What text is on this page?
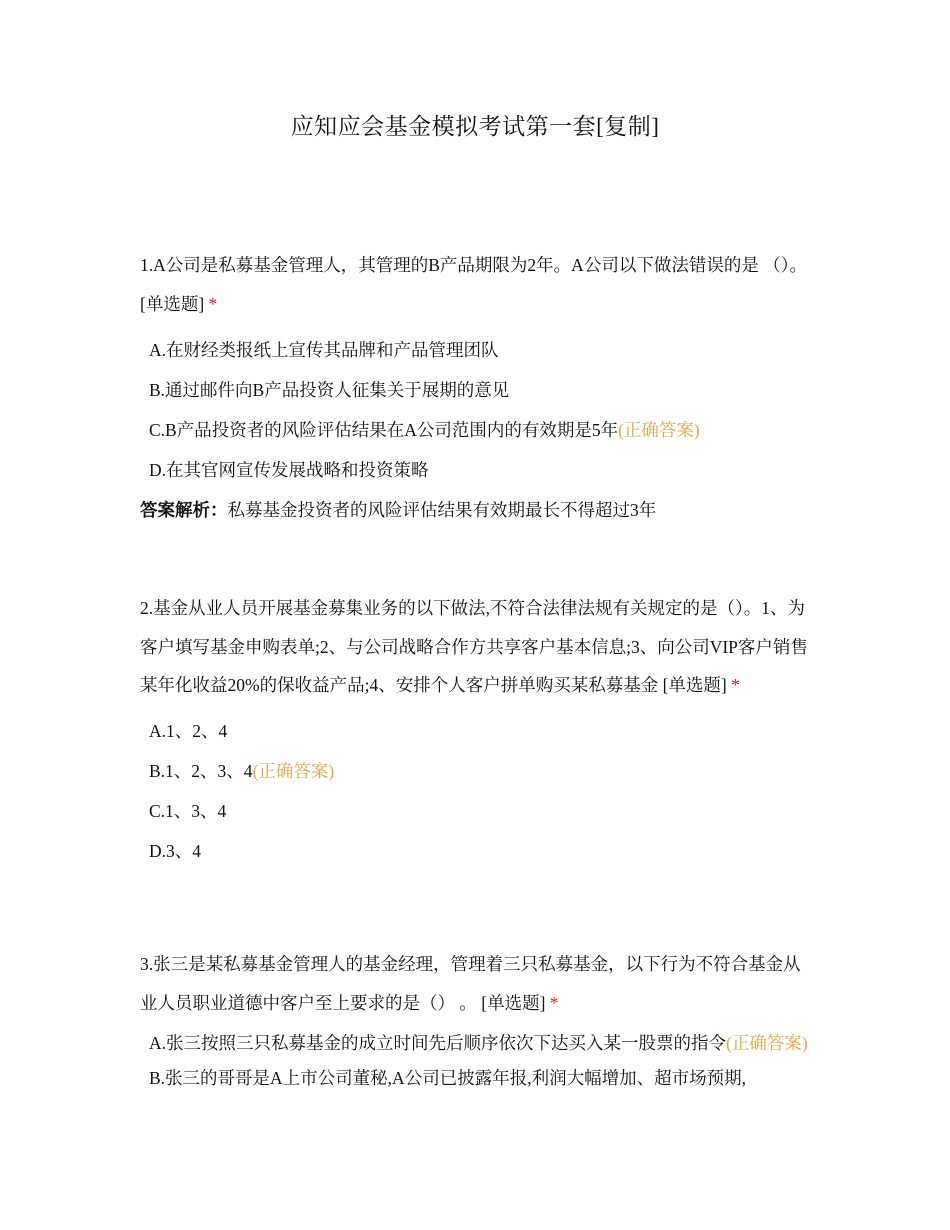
应知应会基金模拟考试第一套[复制]
1.A公司是私募基金管理人，其管理的B产品期限为2年。A公司以下做法错误的是 （）。 [单选题] *
A.在财经类报纸上宣传其品牌和产品管理团队
B.通过邮件向B产品投资人征集关于展期的意见
C.B产品投资者的风险评估结果在A公司范围内的有效期是5年(正确答案)
D.在其官网宣传发展战略和投资策略
答案解析：私募基金投资者的风险评估结果有效期最长不得超过3年
2.基金从业人员开展基金募集业务的以下做法,不符合法律法规有关规定的是（）。1、为客户填写基金申购表单;2、与公司战略合作方共享客户基本信息;3、向公司VIP客户销售某年化收益20%的保收益产品;4、安排个人客户拼单购买某私募基金 [单选题] *
A.1、2、4
B.1、2、3、4(正确答案)
C.1、3、4
D.3、4
3.张三是某私募基金管理人的基金经理，管理着三只私募基金，以下行为不符合基金从业人员职业道德中客户至上要求的是（） 。 [单选题] *
A.张三按照三只私募基金的成立时间先后顺序依次下达买入某一股票的指令(正确答案)
B.张三的哥哥是A上市公司董秘,A公司已披露年报,利润大幅增加、超市场预期,
